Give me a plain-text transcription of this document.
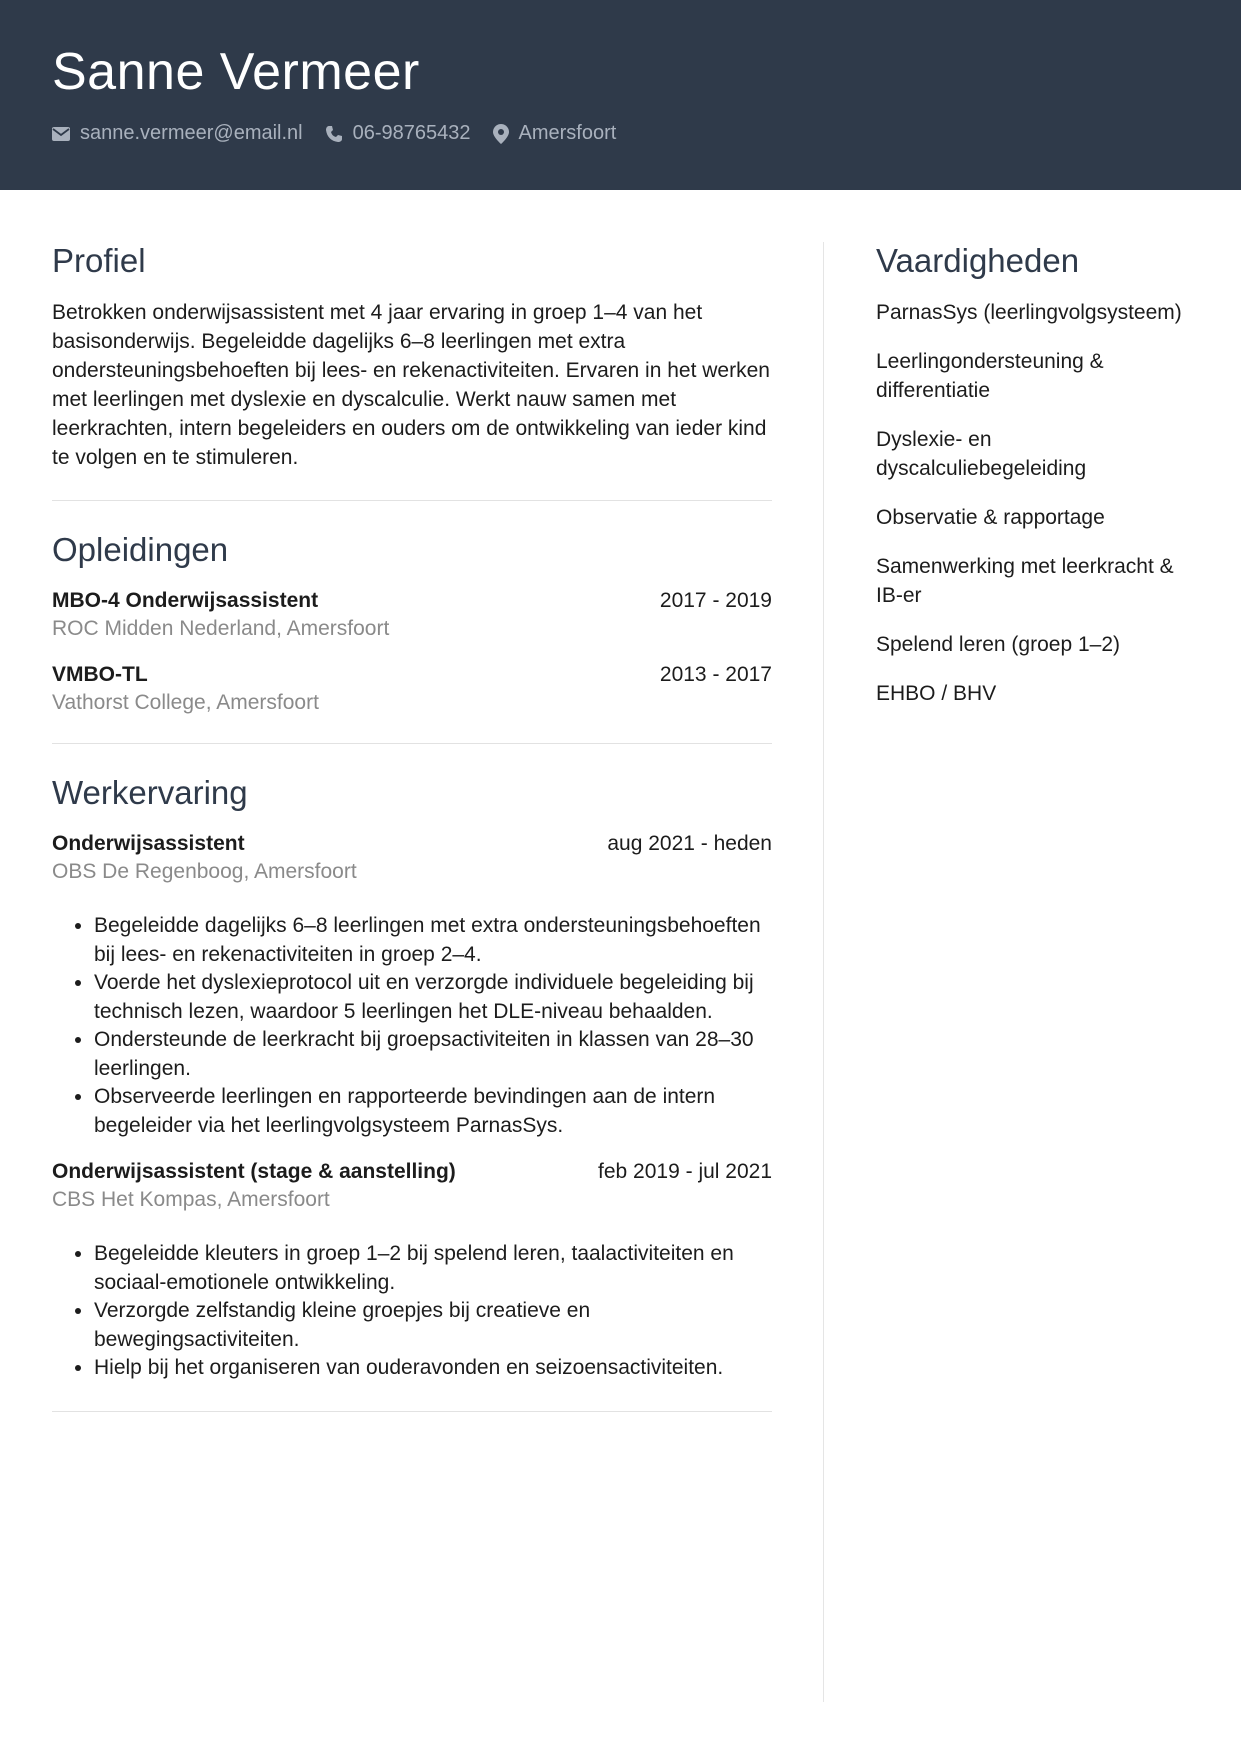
Sanne Vermeer
sanne.vermeer@email.nl	06-98765432 Amersfoort
Profiel
Betrokken onderwijsassistent met 4 jaar ervaring in groep 1–4 van het basisonderwijs. Begeleidde dagelijks 6–8 leerlingen met extra ondersteuningsbehoeften bij lees- en rekenactiviteiten. Ervaren in het werken met leerlingen met dyslexie en dyscalculie. Werkt nauw samen met leerkrachten, intern begeleiders en ouders om de ontwikkeling van ieder kind te volgen en te stimuleren.
Opleidingen
MBO-4 Onderwijsassistent	2017 - 2019
ROC Midden Nederland, Amersfoort
VMBO-TL	2013 - 2017
Vathorst College, Amersfoort
Werkervaring
Onderwijsassistent	aug 2021 - heden
OBS De Regenboog, Amersfoort
• Begeleidde dagelijks 6–8 leerlingen met extra ondersteuningsbehoeften bij lees- en rekenactiviteiten in groep 2–4.
• Voerde het dyslexieprotocol uit en verzorgde individuele begeleiding bij technisch lezen, waardoor 5 leerlingen het DLE-niveau behaalden.
• Ondersteunde de leerkracht bij groepsactiviteiten in klassen van 28–30 leerlingen.
• Observeerde leerlingen en rapporteerde bevindingen aan de intern begeleider via het leerlingvolgsysteem ParnasSys.
Onderwijsassistent (stage & aanstelling)	feb 2019 - jul 2021
CBS Het Kompas, Amersfoort
• Begeleidde kleuters in groep 1–2 bij spelend leren, taalactiviteiten en sociaal-emotionele ontwikkeling.
• Verzorgde zelfstandig kleine groepjes bij creatieve en bewegingsactiviteiten.
• Hielp bij het organiseren van ouderavonden en seizoensactiviteiten.
Vaardigheden
ParnasSys (leerlingvolgsysteem)
Leerlingondersteuning & differentiatie
Dyslexie- en dyscalculiebegeleiding
Observatie & rapportage
Samenwerking met leerkracht & IB-er
Spelend leren (groep 1–2)
EHBO / BHV
